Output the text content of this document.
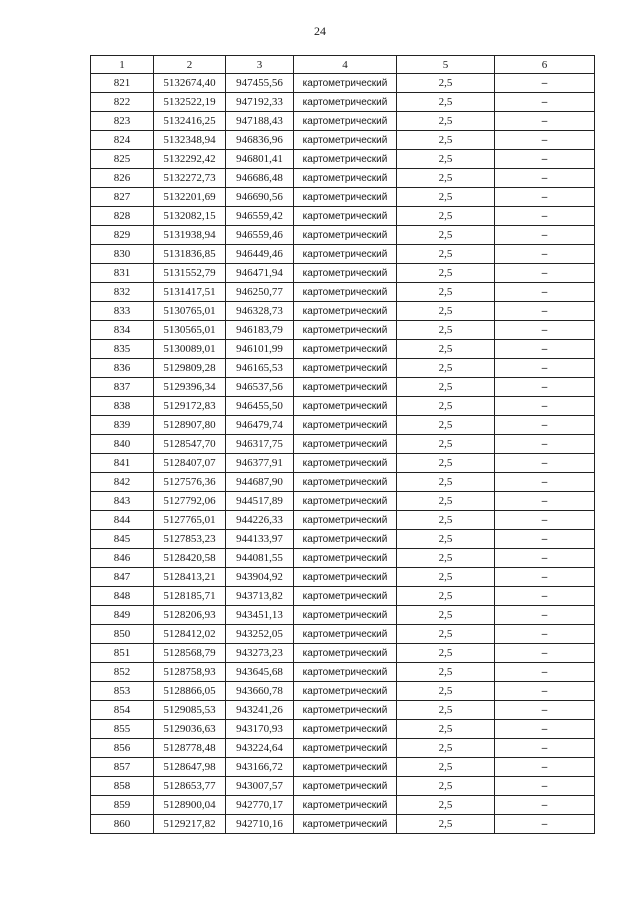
24
1	2	3	4	5	6
821	5132674,40	947455,56	картометрический	2,5	–
822	5132522,19	947192,33	картометрический	2,5	–
823	5132416,25	947188,43	картометрический	2,5	–
824	5132348,94	946836,96	картометрический	2,5	–
825	5132292,42	946801,41	картометрический	2,5	–
826	5132272,73	946686,48	картометрический	2,5	–
827	5132201,69	946690,56	картометрический	2,5	–
828	5132082,15	946559,42	картометрический	2,5	–
829	5131938,94	946559,46	картометрический	2,5	–
830	5131836,85	946449,46	картометрический	2,5	–
831	5131552,79	946471,94	картометрический	2,5	–
832	5131417,51	946250,77	картометрический	2,5	–
833	5130765,01	946328,73	картометрический	2,5	–
834	5130565,01	946183,79	картометрический	2,5	–
835	5130089,01	946101,99	картометрический	2,5	–
836	5129809,28	946165,53	картометрический	2,5	–
837	5129396,34	946537,56	картометрический	2,5	–
838	5129172,83	946455,50	картометрический	2,5	–
839	5128907,80	946479,74	картометрический	2,5	–
840	5128547,70	946317,75	картометрический	2,5	–
841	5128407,07	946377,91	картометрический	2,5	–
842	5127576,36	944687,90	картометрический	2,5	–
843	5127792,06	944517,89	картометрический	2,5	–
844	5127765,01	944226,33	картометрический	2,5	–
845	5127853,23	944133,97	картометрический	2,5	–
846	5128420,58	944081,55	картометрический	2,5	–
847	5128413,21	943904,92	картометрический	2,5	–
848	5128185,71	943713,82	картометрический	2,5	–
849	5128206,93	943451,13	картометрический	2,5	–
850	5128412,02	943252,05	картометрический	2,5	–
851	5128568,79	943273,23	картометрический	2,5	–
852	5128758,93	943645,68	картометрический	2,5	–
853	5128866,05	943660,78	картометрический	2,5	–
854	5129085,53	943241,26	картометрический	2,5	–
855	5129036,63	943170,93	картометрический	2,5	–
856	5128778,48	943224,64	картометрический	2,5	–
857	5128647,98	943166,72	картометрический	2,5	–
858	5128653,77	943007,57	картометрический	2,5	–
859	5128900,04	942770,17	картометрический	2,5	–
860	5129217,82	942710,16	картометрический	2,5	–
